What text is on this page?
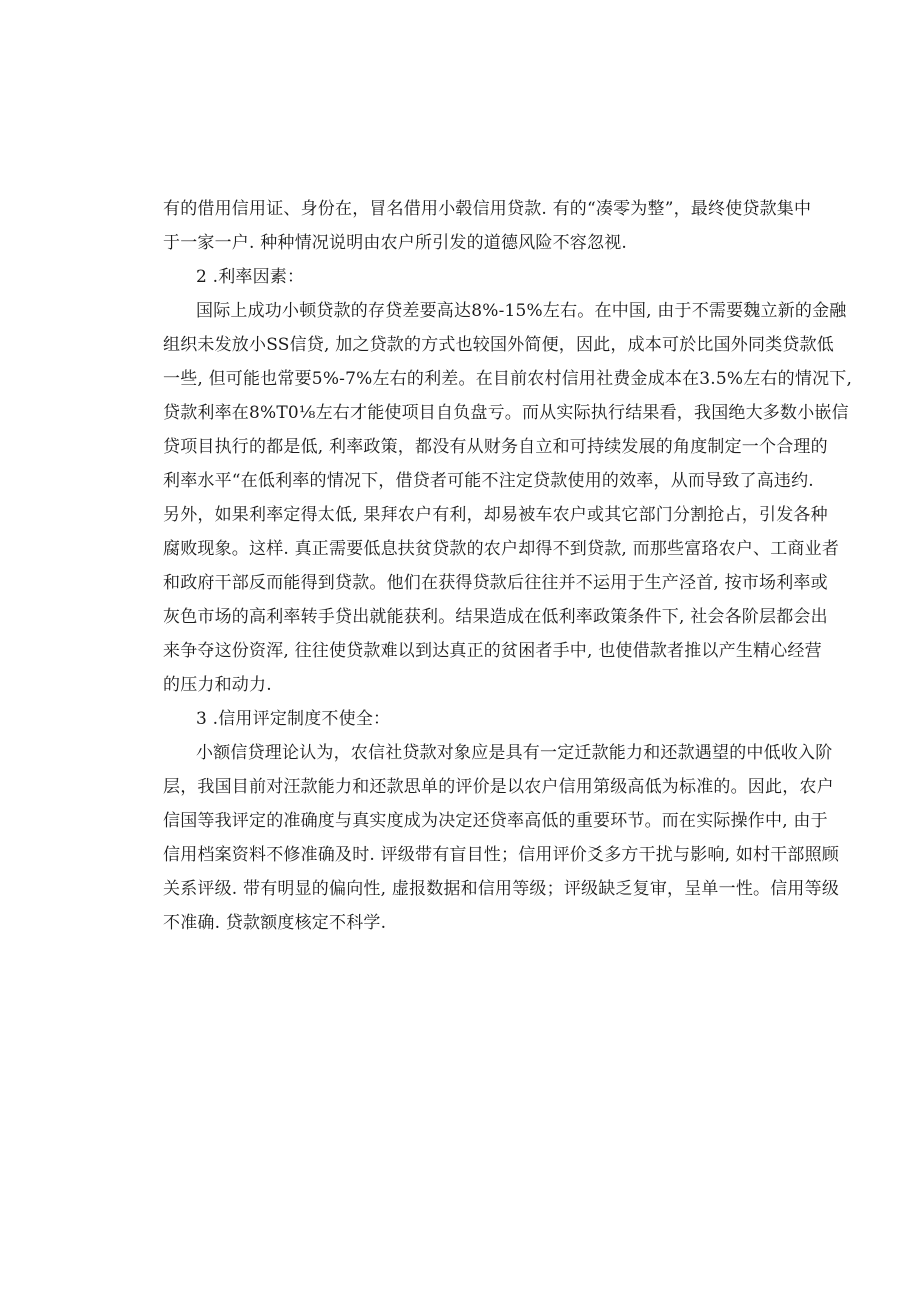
有的借用信用证、身份在，冒名借用小毂信用贷款. 有的“凑零为整”，最终使贷款集中
于一家一户. 种种情况说明由农户所引发的道德风险不容忽视.
2 .利率因素：
国际上成功小顿贷款的存贷差要高达8%-15%左右。在中国, 由于不需要魏立新的金融
组织未发放小SS信贷, 加之贷款的方式也较国外简便，因此，成本可於比国外同类贷款低
一些, 但可能也常要5%-7%左右的利差。在目前农村信用社费金成本在3.5%左右的情况下,
贷款利率在8%T0⅛左右才能使项目自负盘亏。而从实际执行结果看，我国绝大多数小嵌信
贷项目执行的都是低, 利率政策，都没有从财务自立和可持续发展的角度制定一个合理的
利率水平“在低利率的情况下，借贷者可能不注定贷款使用的效率，从而导致了高违约.
另外，如果利率定得太低, 果拜农户有利，却易被车农户或其它部门分割抢占，引发各种
腐败现象。这样. 真正需要低息扶贫贷款的农户却得不到贷款, 而那些富珞农户、工商业者
和政府干部反而能得到贷款。他们在获得贷款后往往并不运用于生产泾首, 按市场利率或
灰色市场的高利率转手贷出就能获利。结果造成在低利率政策条件下, 社会各阶层都会出
来争夺这份资浑, 往往使贷款难以到达真正的贫困者手中, 也使借款者推以产生精心经营
的压力和动力.
3 .信用评定制度不使全：
小额信贷理论认为，农信社贷款对象应是具有一定迁款能力和还款遇望的中低收入阶
层，我国目前对汪款能力和还款思单的评价是以农户信用第级高低为标准的。因此，农户
信国等我评定的准确度与真实度成为决定还贷率高低的重要环节。而在实际操作中, 由于
信用档案资料不修准确及时. 评级带有盲目性；信用评价爻多方干扰与影响, 如村干部照顾
关系评级. 带有明显的偏向性, 虚报数据和信用等级；评级缺乏复审，呈单一性。信用等级
不准确. 贷款额度核定不科学.
